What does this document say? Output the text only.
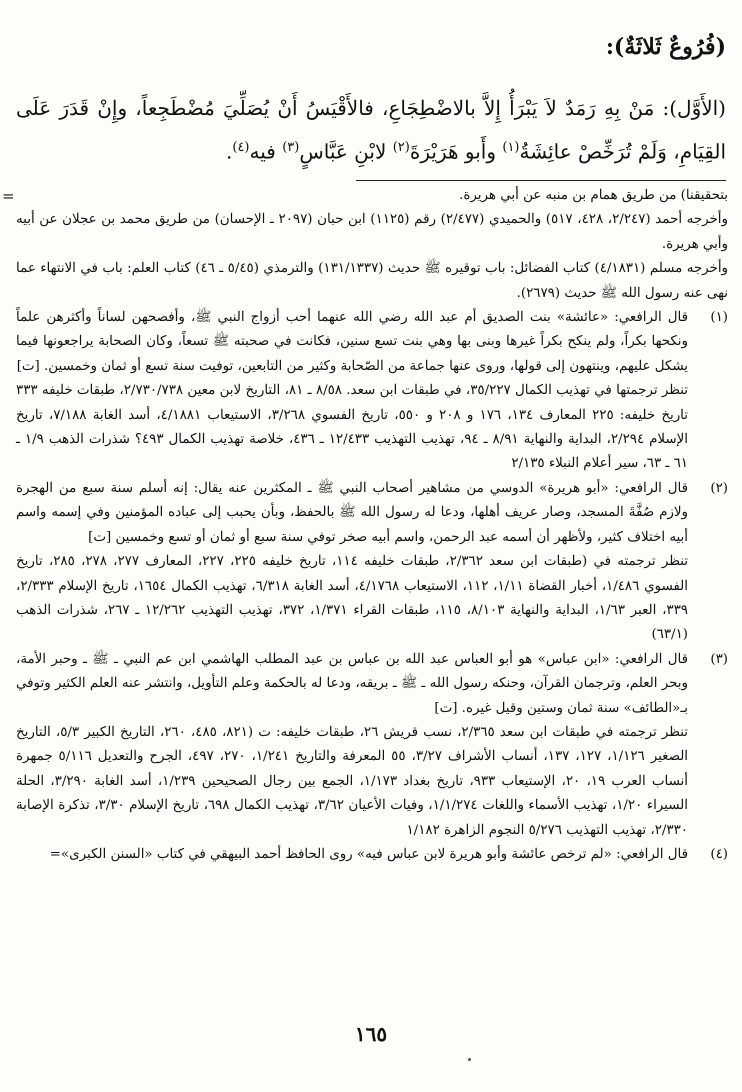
(فُرُوعٌ ثَلاثَةٌ):
(الأَوَّل): مَنْ بِهِ رَمَدٌ لاَ يَبْرَأُ إِلاَّ بالاضْطِجَاعِ، فالأَقْيَسُ أَنْ يُصَلِّيَ مُضْطَجِعاً، وإِنْ قَدَرَ عَلَى القِيَامِ، وَلَمْ تُرَخِّصْ عائِشَةُ$^{(١)}$ وأَبو هَرَيْرَةَ$^{(٢)}$ لابْنِ عَبَّاسٍ$^{(٣)}$ فيه$^{(٤)}$.
=	بتحقيقنا) من طريق همام بن منبه عن أبي هريرة.

وأخرجه أحمد (٢/٢٤٧، ٤٢٨، ٥١٧) والحميدي (٢/٤٧٧) رقم (١١٢٥) ابن حبان (٢٠٩٧ ـ الإحسان) من طريق محمد بن عجلان عن أبيه وأبي هريرة.

وأخرجه مسلم (٤/١٨٣١) كتاب الفضائل: باب توقيره ﷺ حديث (١٣١/١٣٣٧) والترمذي (٥/٤٥ ـ ٤٦) كتاب العلم: باب في الانتهاء عما نهى عنه رسول الله ﷺ حديث (٢٦٧٩).

(١)

قال الرافعي: «عائشة» بنت الصديق أم عبد الله رضي الله عنهما أحب أزواج النبي ﷺ، وأفصحهن لساناً وأكثرهن علماً ونكحها بكراً، ولم ينكح بكراً غيرها وبنى بها وهي بنت تسع سنين، فكانت في صحبته ﷺ تسعاً، وكان الصحابة يراجعونها فيما يشكل عليهم، وينتهون إلى قولها، وروى عنها جماعة من الصّحابة وكثير من التابعين، توفيت سنة تسع أو ثمان وخمسين. [ت]

تنظر ترجمتها في تهذيب الكمال ٣٥/٢٢٧، في طبقات ابن سعد. ٨/٥٨ ـ ٨١، التاريخ لابن معين ٢/٧٣٠/٧٣٨، طبقات خليفه ٣٣٣ تاريخ خليفه: ٢٢٥ المعارف ١٣٤، ١٧٦ و ٢٠٨ و ٥٥٠، تاريخ الفسوي ٣/٢٦٨، الاستيعاب ٤/١٨٨١، أسد الغابة ٧/١٨٨، تاريخ الإسلام ٢/٢٩٤، البداية والنهاية ٨/٩١ ـ ٩٤، تهذيب التهذيب ١٢/٤٣٣ ـ ٤٣٦، خلاصة تهذيب الكمال ٤٩٣؟ شذرات الذهب ١/٩ ـ ٦١ ـ ٦٣، سير أعلام النبلاء ٢/١٣٥

(٢)

قال الرافعي: «أبو هريرة» الدوسي من مشاهير أصحاب النبي ﷺ ـ المكثرين عنه يقال: إنه أسلم سنة سبع من الهجرة ولازم صُفَّةَ المسجد، وصار عريف أهلها، ودعا له رسول الله ﷺ بالحفظ، وبأن يحبب إلى عباده المؤمنين وفي إسمه واسم أبيه اختلاف كثير، ولأظهر أن أسمه عبد الرحمن، واسم أبيه صخر توفي سنة سبع أو ثمان أو تسع وخمسين [ت]

تنظر ترجمته في (طبقات ابن سعد ٢/٣٦٢، طبقات خليفه ١١٤، تاريخ خليفه ٢٢٥، ٢٢٧، المعارف ٢٧٧، ٢٧٨، ٢٨٥، تاريخ الفسوي ١/٤٨٦، أخبار القضاة ١/١١، ١١٢، الاستيعاب ٤/١٧٦٨، أسد الغابة ٦/٣١٨، تهذيب الكمال ١٦٥٤، تاريخ الإسلام ٢/٣٣٣، ٣٣٩، العبر ١/٦٣، البداية والنهاية ٨/١٠٣، ١١٥، طبقات القراء ١/٣٧١، ٣٧٢، تهذيب التهذيب ١٢/٢٦٢ ـ ٢٦٧، شذرات الذهب (٦٣/١)

(٣)

قال الرافعي: «ابن عباس» هو أبو العباس عبد الله بن عباس بن عبد المطلب الهاشمي ابن عم النبي ـ ﷺ ـ وحبر الأمة، وبحر العلم، وترجمان القرآن، وحنكه رسول الله ـ ﷺ ـ بريقه، ودعا له بالحكمة وعلم التأويل، وانتشر عنه العلم الكثير وتوفي بـ«الطائف» سنة ثمان وستين وقيل غيره. [ت]

تنظر ترجمته في طبقات ابن سعد ٢/٣٦٥، نسب قريش ٢٦، طبقات خليفه: ت (٨٢١، ٤٨٥، ٢٦٠، التاريخ الكبير ٥/٣، التاريخ الصغير ١/١٢٦، ١٢٧، ١٣٧، أنساب الأشراف ٣/٢٧، ٥٥ المعرفة والتاريخ ١/٢٤١، ٢٧٠، ٤٩٧، الجرح والتعديل ٥/١١٦ جمهرة أنساب العرب ١٩، ٢٠، الإستيعاب ٩٣٣، تاريخ بغداد ١/١٧٣، الجمع بين رجال الصحيحين ١/٢٣٩، أسد الغابة ٣/٢٩٠، الحلة السيراء ١/٢٠، تهذيب الأسماء واللغات ١/١/٢٧٤، وفيات الأعيان ٣/٦٢، تهذيب الكمال ٦٩٨، تاريخ الإسلام ٣/٣٠، تذكرة الإصابة ٢/٣٣٠، تهذيب التهذيب ٥/٢٧٦ النجوم الزاهرة ١/١٨٢

(٤)

قال الرافعي: «لم ترخص عائشة وأبو هريرة لابن عباس فيه» روى الحافظ أحمد البيهقي في كتاب «السنن الكبرى»=

١٦٥
